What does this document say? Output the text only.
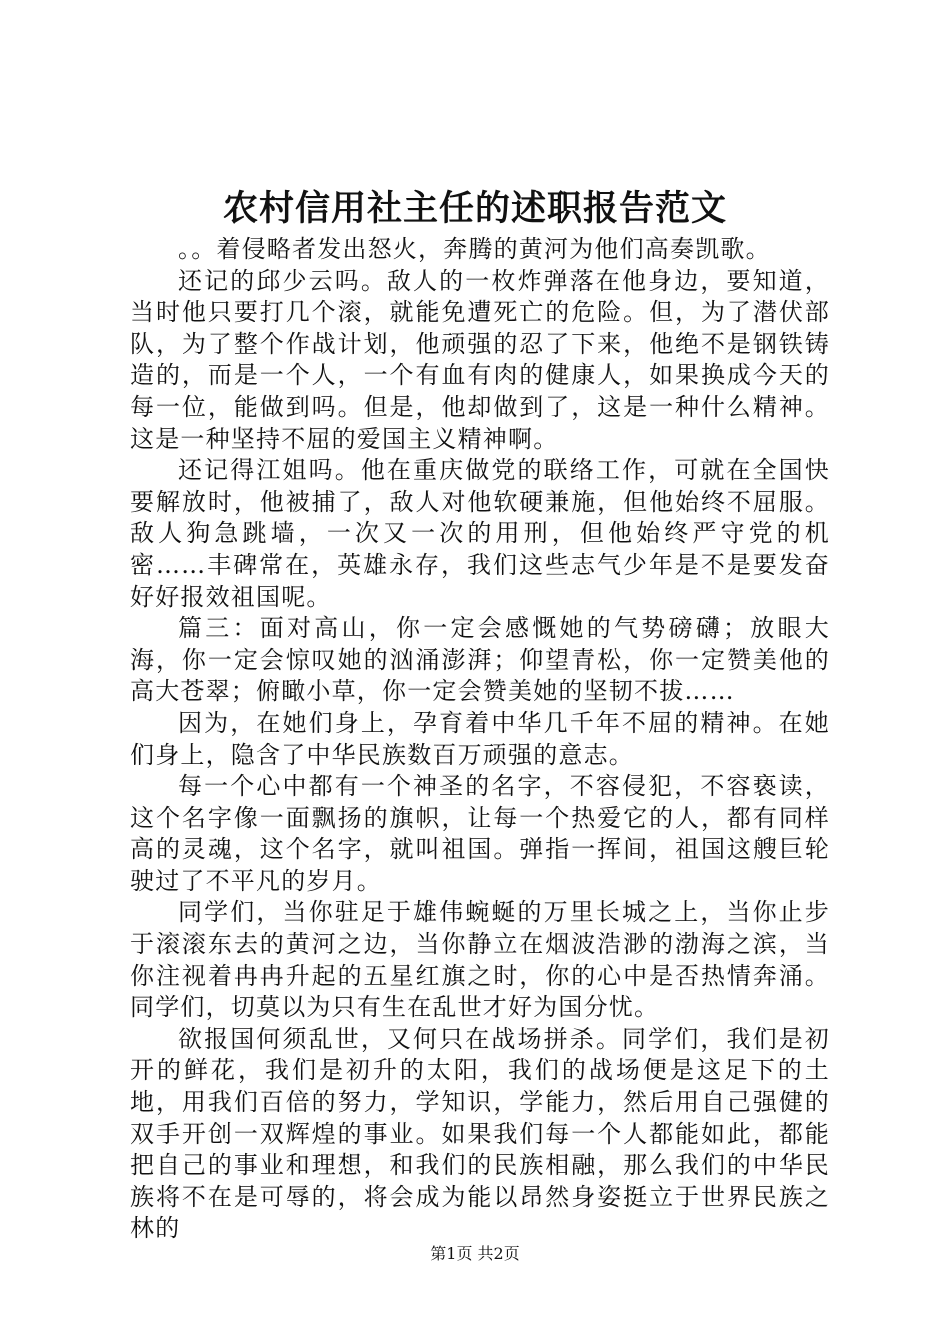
农村信用社主任的述职报告范文

。。着侵略者发出怒火，奔腾的黄河为他们高奏凯歌。

还记的邱少云吗。敌人的一枚炸弹落在他身边，要知道，当时他只要打几个滚，就能免遭死亡的危险。但，为了潜伏部队，为了整个作战计划，他顽强的忍了下来，他绝不是钢铁铸造的，而是一个人，一个有血有肉的健康人，如果换成今天的每一位，能做到吗。但是，他却做到了，这是一种什么精神。这是一种坚持不屈的爱国主义精神啊。

还记得江姐吗。他在重庆做党的联络工作，可就在全国快要解放时，他被捕了，敌人对他软硬兼施，但他始终不屈服。敌人狗急跳墙，一次又一次的用刑，但他始终严守党的机密……丰碑常在，英雄永存，我们这些志气少年是不是要发奋好好报效祖国呢。

篇三：面对高山，你一定会感慨她的气势磅礴；放眼大海，你一定会惊叹她的汹涌澎湃；仰望青松，你一定赞美他的高大苍翠；俯瞰小草，你一定会赞美她的坚韧不拔……

因为，在她们身上，孕育着中华几千年不屈的精神。在她们身上，隐含了中华民族数百万顽强的意志。

每一个心中都有一个神圣的名字，不容侵犯，不容亵读，这个名字像一面飘扬的旗帜，让每一个热爱它的人，都有同样高的灵魂，这个名字，就叫祖国。弹指一挥间，祖国这艘巨轮驶过了不平凡的岁月。

同学们，当你驻足于雄伟蜿蜒的万里长城之上，当你止步于滚滚东去的黄河之边，当你静立在烟波浩渺的渤海之滨，当你注视着冉冉升起的五星红旗之时，你的心中是否热情奔涌。同学们，切莫以为只有生在乱世才好为国分忧。

欲报国何须乱世，又何只在战场拼杀。同学们，我们是初开的鲜花，我们是初升的太阳，我们的战场便是这足下的土地，用我们百倍的努力，学知识，学能力，然后用自己强健的双手开创一双辉煌的事业。如果我们每一个人都能如此，都能把自己的事业和理想，和我们的民族相融，那么我们的中华民族将不在是可辱的，将会成为能以昂然身姿挺立于世界民族之林的

第1页 共2页
